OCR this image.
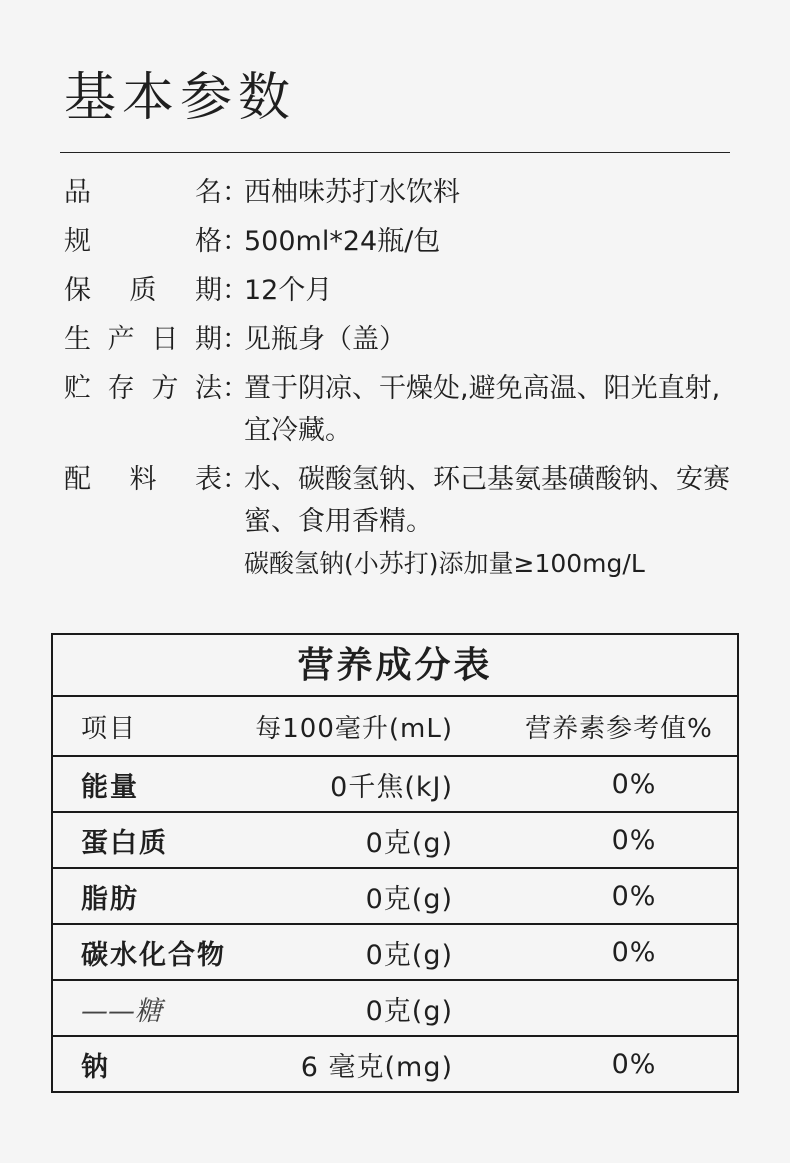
基本参数
品	名 ：
西柚味苏打水饮料
规	格 ：
500ml*24瓶/包
保 质 期 ：
12个月
生 产 日 期 ：
见瓶身（盖）
贮 存 方 法 ：
置于阴凉、干燥处,避免高温、阳光直射,宜冷藏。
配 料 表 ：
水、碳酸氢钠、环己基氨基磺酸钠、安赛蜜、食用香精。
碳酸氢钠(小苏打)添加量≥100mg/L
营养成分表
项目	每100毫升(mL)	营养素参考值%
能量	0千焦(kJ)	0%
蛋白质	0克(g)	0%
脂肪	0克(g)	0%
碳水化合物	0克(g)	0%
——糖	0克(g)
钠	6 毫克(mg)	0%
